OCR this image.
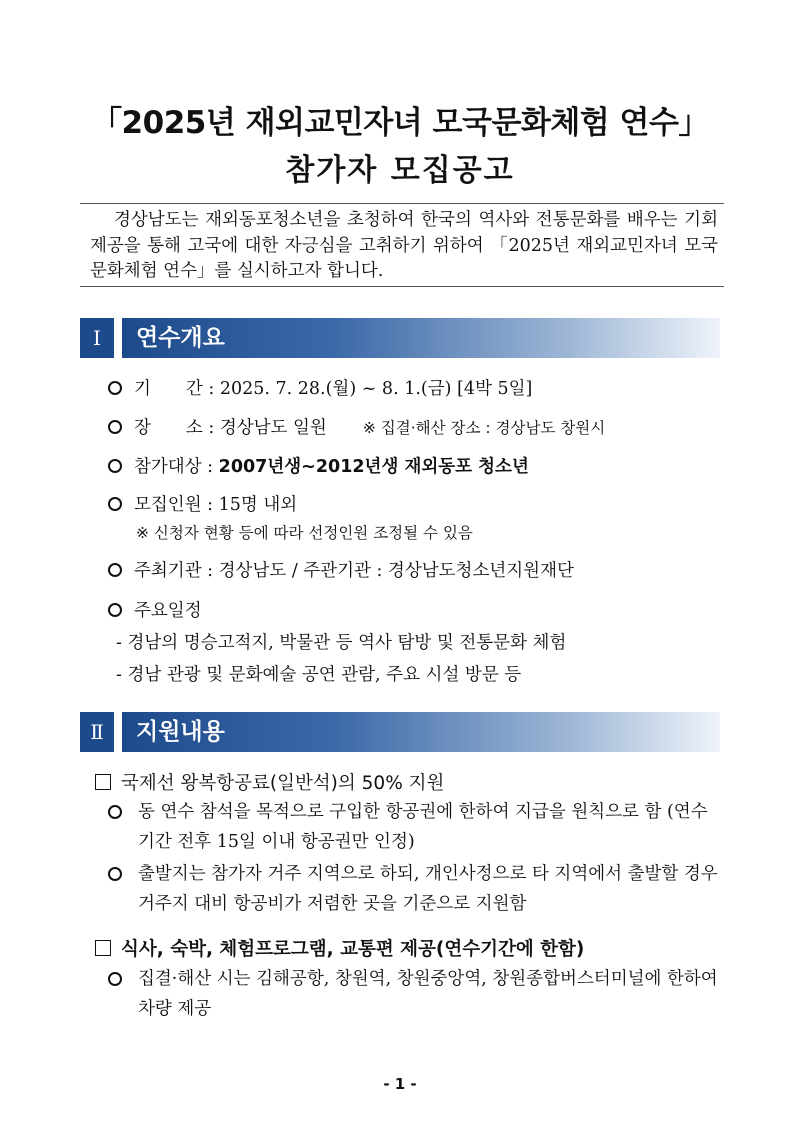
「2025년 재외교민자녀 모국문화체험 연수」
참가자 모집공고

경상남도는 재외동포청소년을 초청하여 한국의 역사와 전통문화를 배우는 기회 제공을 통해 고국에 대한 자긍심을 고취하기 위하여 「2025년 재외교민자녀 모국문화체험 연수」를 실시하고자 합니다.

Ⅰ	연수개요
기　　간 : 2025. 7. 28.(월) ~ 8. 1.(금) [4박 5일]
장　　소 : 경상남도 일원 ※ 집결·해산 장소 : 경상남도 창원시
참가대상 : 2007년생~2012년생 재외동포 청소년
모집인원 : 15명 내외
※ 신청자 현황 등에 따라 선정인원 조정될 수 있음
주최기관 : 경상남도 / 주관기관 : 경상남도청소년지원재단
주요일정
- 경남의 명승고적지, 박물관 등 역사 탐방 및 전통문화 체험
- 경남 관광 및 문화예술 공연 관람, 주요 시설 방문 등
Ⅱ	지원내용
국제선 왕복항공료(일반석)의 50% 지원
동 연수 참석을 목적으로 구입한 항공권에 한하여 지급을 원칙으로 함 (연수 기간 전후 15일 이내 항공권만 인정)
출발지는 참가자 거주 지역으로 하되, 개인사정으로 타 지역에서 출발할 경우 거주지 대비 항공비가 저렴한 곳을 기준으로 지원함
식사, 숙박, 체험프로그램, 교통편 제공(연수기간에 한함)
집결·해산 시는 김해공항, 창원역, 창원중앙역, 창원종합버스터미널에 한하여 차량 제공
- 1 -
